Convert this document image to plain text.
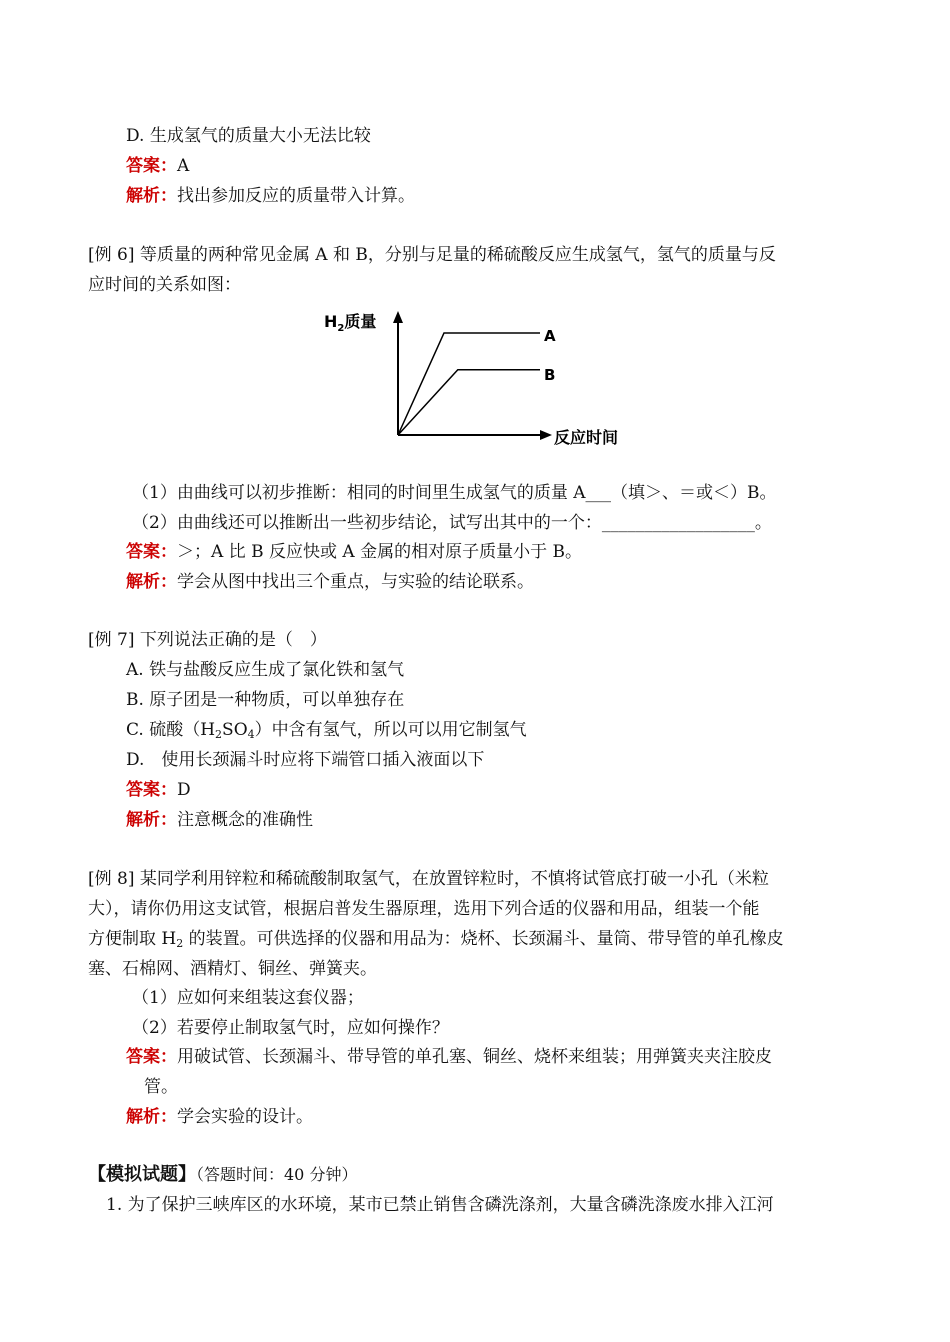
D. 生成氢气的质量大小无法比较
答案：A
解析：找出参加反应的质量带入计算。
[例 6] 等质量的两种常见金属 A 和 B，分别与足量的稀硫酸反应生成氢气，氢气的质量与反
应时间的关系如图：
$H_2$质量
反应时间
A
B
（1）由曲线可以初步推断：相同的时间里生成氢气的质量 A___（填＞、＝或＜）B。
（2）由曲线还可以推断出一些初步结论，试写出其中的一个：__________________。
答案：＞；A 比 B 反应快或 A 金属的相对原子质量小于 B。
解析：学会从图中找出三个重点，与实验的结论联系。
[例 7] 下列说法正确的是（　）
A. 铁与盐酸反应生成了氯化铁和氢气
B. 原子团是一种物质，可以单独存在
C. 硫酸$(H_2SO_4)$中含有氢气，所以可以用它制氢气
D.　使用长颈漏斗时应将下端管口插入液面以下
答案：D
解析：注意概念的准确性
[例 8] 某同学利用锌粒和稀硫酸制取氢气，在放置锌粒时，不慎将试管底打破一小孔（米粒
大），请你仍用这支试管，根据启普发生器原理，选用下列合适的仪器和用品，组装一个能
方便制取 $H_2$ 的装置。可供选择的仪器和用品为：烧杯、长颈漏斗、量筒、带导管的单孔橡皮
塞、石棉网、酒精灯、铜丝、弹簧夹。
（1）应如何来组装这套仪器；
（2）若要停止制取氢气时，应如何操作？
答案：用破试管、长颈漏斗、带导管的单孔塞、铜丝、烧杯来组装；用弹簧夹夹注胶皮
管。
解析：学会实验的设计。
【模拟试题】（答题时间：40 分钟）
1. 为了保护三峡库区的水环境，某市已禁止销售含磷洗涤剂，大量含磷洗涤废水排入江河
